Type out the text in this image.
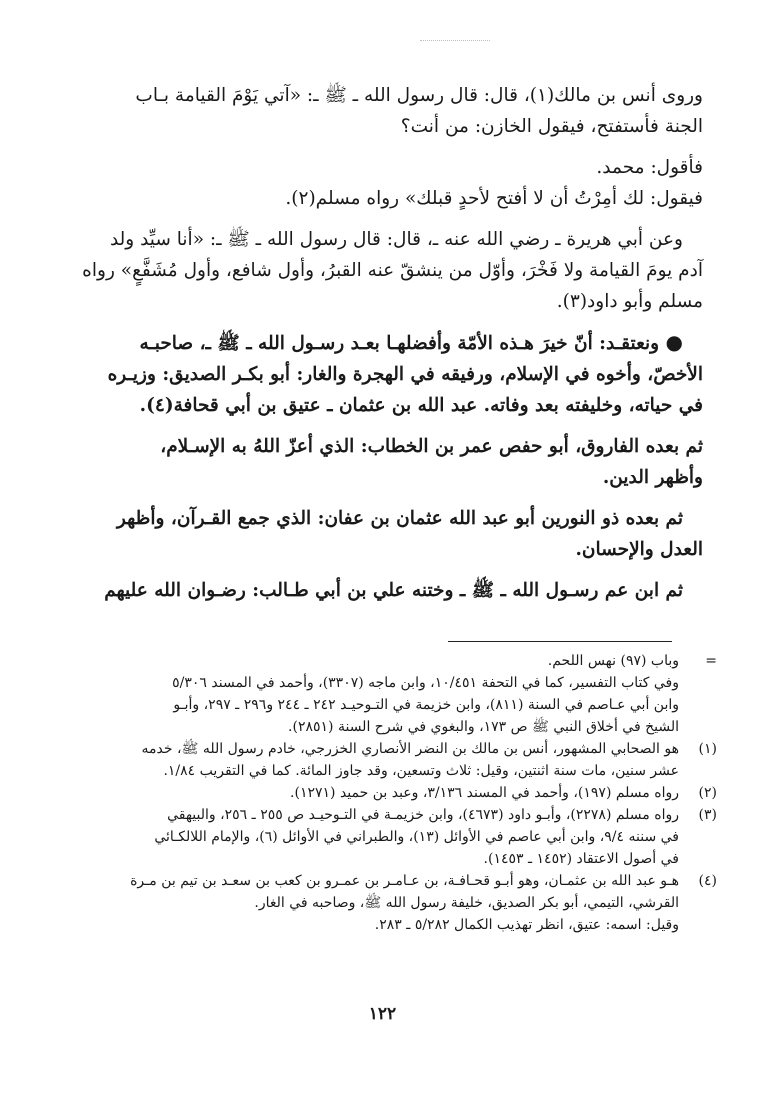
وروى أنس بن مالك(١)، قال: قال رسول الله ـ ﷺ ـ: «آتي يَوْمَ القيامة بـاب
الجنة فأستفتح، فيقول الخازن: من أنت؟

فأقول: محمد.
فيقول: لك أمِرْتُ أن لا أفتح لأحدٍ قبلك» رواه مسلم(٢).

وعن أبي هريرة ـ رضي الله عنه ـ، قال: قال رسول الله ـ ﷺ ـ: «أنا سيِّد ولد
آدم يومَ القيامة ولا فَخْرَ، وأوّل من ينشقّ عنه القبرُ، وأول شافع، وأول مُشَفَّعٍ» رواه
مسلم وأبو داود(٣).

● ونعتقـد: أنّ خيرَ هـذه الأمّة وأفضلهـا بعـد رسـول الله ـ ﷺ ـ، صاحبـه
الأخصّ، وأخوه في الإسلام، ورفيقه في الهجرة والغار: أبو بكـر الصديق: وزيـره
في حياته، وخليفته بعد وفاته. عبد الله بن عثمان ـ عتيق بن أبي قحافة(٤).

ثم بعده الفاروق، أبو حفص عمر بن الخطاب: الذي أعزّ اللهُ به الإسـلام،
وأظهر الدين.

ثم بعده ذو النورين أبو عبد الله عثمان بن عفان: الذي جمع القـرآن، وأظهر
العدل والإحسان.

ثم ابن عم رسـول الله ـ ﷺ ـ وختنه علي بن أبي طـالب: رضـوان الله عليهم

=
وباب (٩٧) نهس اللحم.
وفي كتاب التفسير، كما في التحفة ١٠/٤٥١، وابن ماجه (٣٣٠٧)، وأحمد في المسند ٥/٣٠٦
وابن أبي عـاصم في السنة (٨١١)، وابن خزيمة في التـوحيـد ٢٤٢ ـ ٢٤٤ و٢٩٦ ـ ٢٩٧، وأبـو
الشيخ في أخلاق النبي ﷺ ص ١٧٣، والبغوي في شرح السنة (٢٨٥١).
(١)
هو الصحابي المشهور، أنس بن مالك بن النضر الأنصاري الخزرجي، خادم رسول الله ﷺ، خدمه
عشر سنين، مات سنة اثنتين، وقيل: ثلاث وتسعين، وقد جاوز المائة. كما في التقريب ١/٨٤.
(٢)
رواه مسلم (١٩٧)، وأحمد في المسند ٣/١٣٦، وعبد بن حميد (١٢٧١).
(٣)
رواه مسلم (٢٢٧٨)، وأبـو داود (٤٦٧٣)، وابن خزيمـة في التـوحيـد ص ٢٥٥ ـ ٢٥٦، والبيهقي
في سننه ٩/٤، وابن أبي عاصم في الأوائل (١٣)، والطبراني في الأوائل (٦)، والإمام اللالكـائي
في أصول الاعتقاد (١٤٥٢ ـ ١٤٥٣).
(٤)
هـو عبد الله بن عثمـان، وهو أبـو قحـافـة، بن عـامـر بن عمـرو بن كعب بن سعـد بن تيم بن مـرة
القرشي، التيمي، أبو بكر الصديق، خليفة رسول الله ﷺ، وصاحبه في الغار.
وقيل: اسمه: عتيق، انظر تهذيب الكمال ٥/٢٨٢ ـ ٢٨٣.
١٢٢
